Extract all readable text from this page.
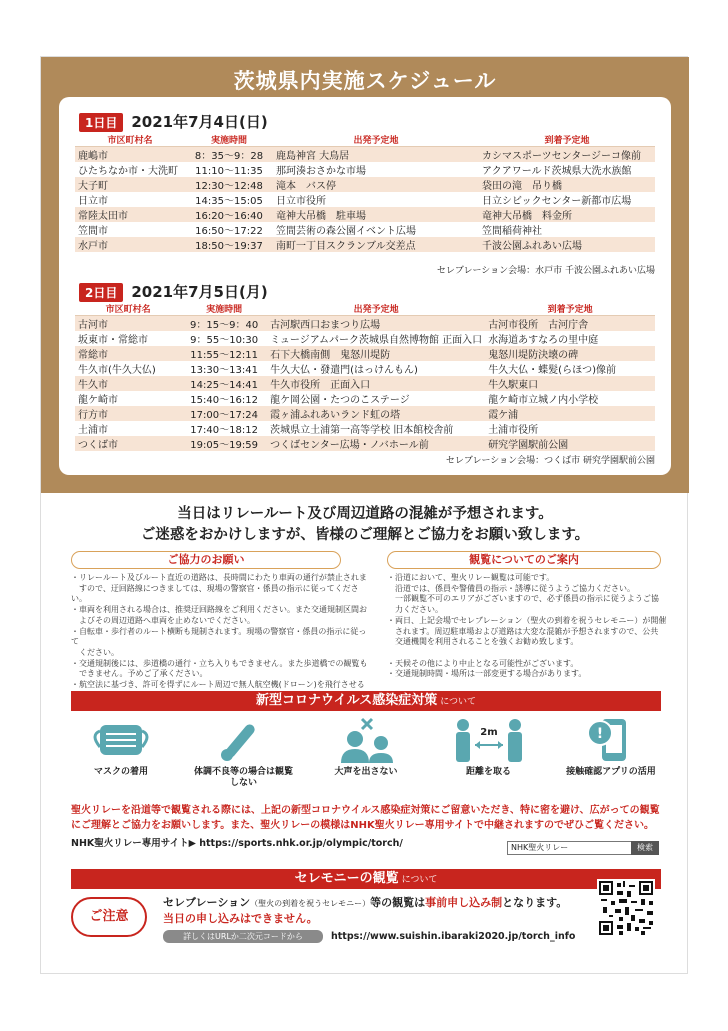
茨城県内実施スケジュール
1日目 2021年7月4日(日)
市区町村名	実施時間	出発予定地	到着予定地
鹿嶋市	8：35～9：28	鹿島神宮 大鳥居	カシマスポーツセンタージーコ像前
ひたちなか市・大洗町	11:10～11:35	那珂湊おさかな市場	アクアワールド茨城県大洗水族館
大子町	12:30～12:48	滝本　バス停	袋田の滝　吊り橋
日立市	14:35～15:05	日立市役所	日立シビックセンター新都市広場
常陸太田市	16:20～16:40	竜神大吊橋　駐車場	竜神大吊橋　料金所
笠間市	16:50～17:22	笠間芸術の森公園イベント広場	笠間稲荷神社
水戸市	18:50～19:37	南町一丁目スクランブル交差点	千波公園ふれあい広場
セレブレーション会場：水戸市 千波公園ふれあい広場
2日目 2021年7月5日(月)
市区町村名	実施時間	出発予定地	到着予定地
古河市	9：15～9：40	古河駅西口おまつり広場	古河市役所　古河庁舎
坂東市・常総市	9：55～10:30	ミュージアムパーク茨城県自然博物館 正面入口	水海道あすなろの里中庭
常総市	11:55～12:11	石下大橋南側　鬼怒川堤防	鬼怒川堤防決壊の碑
牛久市(牛久大仏)	13:30～13:41	牛久大仏・發遣門(はっけんもん)	牛久大仏・蝶髪(らほつ)像前
牛久市	14:25～14:41	牛久市役所　正面入口	牛久駅東口
龍ケ崎市	15:40～16:12	龍ケ岡公園・たつのこステージ	龍ケ崎市立城ノ内小学校
行方市	17:00～17:24	霞ヶ浦ふれあいランド虹の塔	霞ケ浦
土浦市	17:40～18:12	茨城県立土浦第一高等学校 旧本館校舎前	土浦市役所
つくば市	19:05～19:59	つくばセンター広場・ノバホール前	研究学園駅前公園
セレブレーション会場：つくば市 研究学園駅前公園
当日はリレールート及び周辺道路の混雑が予想されます。
ご迷惑をおかけしますが、皆様のご理解とご協力をお願い致します。
ご協力のお願い	観覧についてのご案内
・リレールート及びルート直近の道路は、長時間にわたり車両の通行が禁止されま
　すので、迂回路線につきましては、現場の警察官・係員の指示に従ってください。
・車両を利用される場合は、推奨迂回路線をご利用ください。また交通規制区間お
　よびその周辺道路へ車両を止めないでください。
・自転車・歩行者のルート横断も規制されます。現場の警察官・係員の指示に従って
　ください。
・交通規制後には、歩道橋の通行・立ち入りもできません。また歩道橋での観覧も
　できません。予めご了承ください。
・航空法に基づき、許可を得ずにルート周辺で無人航空機(ドローン)を飛行させる
・沿道において、聖火リレー観覧は可能です。
　沿道では、係員や警備員の指示・誘導に従うようご協力ください。
　一部観覧不可のエリアがございますので、必ず係員の指示に従うようご協
　力ください。
・両日、上記会場でセレブレーション（聖火の到着を祝うセレモニー）が開催
　されます。周辺駐車場および道路は大変な混雑が予想されますので、公共
　交通機関を利用されることを強くお勧め致します。
・天候その他により中止となる可能性がございます。
・交通規制時間・場所は一部変更する場合があります。
新型コロナウイルス感染症対策 について
マスクの着用	体調不良等の場合は観覧しない
大声を出さない
2m
距離を取る
!
接触確認アプリの活用
聖火リレーを沿道等で観覧される際には、上記の新型コロナウイルス感染症対策にご留意いただき、特に密を避け、広がっての観覧にご理解とご協力をお願いします。また、聖火リレーの模様はNHK聖火リレー専用サイトで中継されますのでぜひご覧ください。
NHK聖火リレー専用サイト▶ https://sports.nhk.or.jp/olympic/torch/	NHK聖火リレー	検索
セレモニーの観覧 について
ご注意
セレブレーション（聖火の到着を祝うセレモニー）等の観覧は事前申し込み制となります。
当日の申し込みはできません。
詳しくはURLか二次元コードから	https://www.suishin.ibaraki2020.jp/torch_info
